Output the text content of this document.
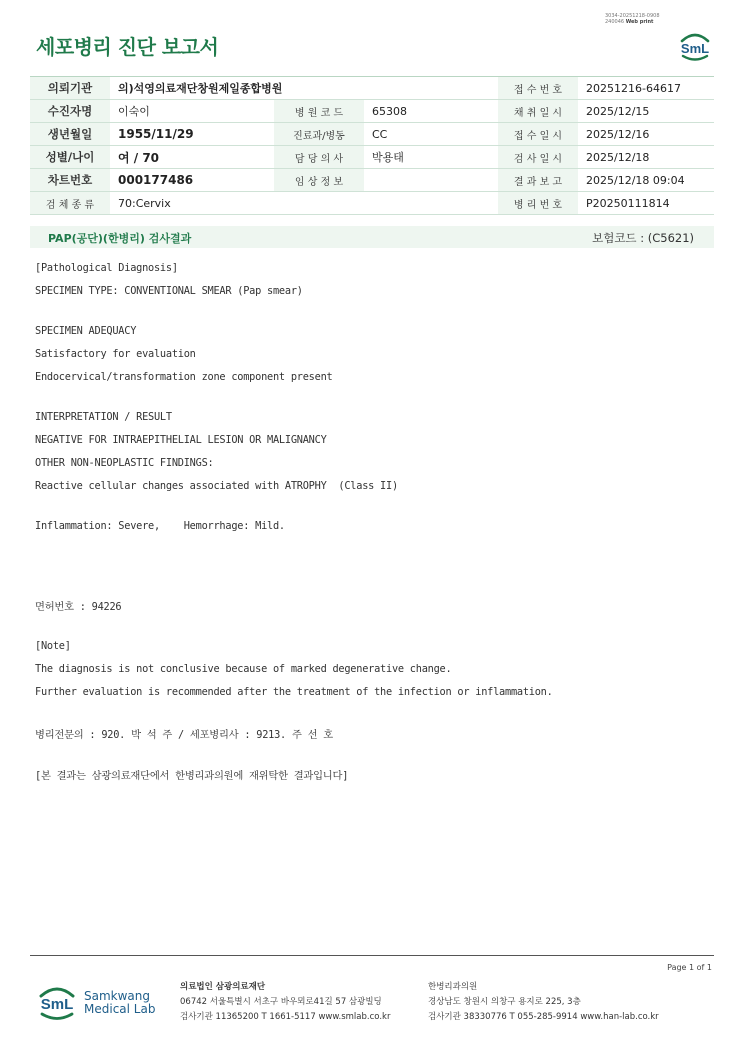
3034-20251218-0908
240046 Web print
세포병리 진단 보고서	SmL
의뢰기관	의)석영의료재단창원제일종합병원			접 수 번 호	20251216-64617
수진자명	이숙이	병 원 코 드	65308	채 취 일 시	2025/12/15
생년월일	1955/11/29	진료과/병동	CC	접 수 일 시	2025/12/16
성별/나이	여 / 70	담 당 의 사	박용태	검 사 일 시	2025/12/18
차트번호	000177486	임 상 정 보		결 과 보 고	2025/12/18 09:04
검 체 종 류	70:Cervix			병 리 번 호	P20250111814
PAP(공단)(한병리) 검사결과	보험코드 : (C5621)
[Pathological Diagnosis]
SPECIMEN TYPE: CONVENTIONAL SMEAR (Pap smear)
SPECIMEN ADEQUACY
Satisfactory for evaluation
Endocervical/transformation zone component present
INTERPRETATION / RESULT
NEGATIVE FOR INTRAEPITHELIAL LESION OR MALIGNANCY
OTHER NON-NEOPLASTIC FINDINGS:
Reactive cellular changes associated with ATROPHY  (Class II)
Inflammation: Severe,    Hemorrhage: Mild.
면허번호 : 94226
[Note]
The diagnosis is not conclusive because of marked degenerative change.
Further evaluation is recommended after the treatment of the infection or inflammation.
병리전문의 : 920. 박 석 주 / 세포병리사 : 9213. 주 선 호
[본 결과는 삼광의료재단에서 한병리과의원에 재위탁한 결과입니다]
Page 1 of 1
SmL Samkwang
Medical Lab
의료법인 삼광의료재단
06742 서울특별시 서초구 바우뫼로41길 57 삼광빌딩
검사기관 11365200 T 1661-5117 www.smlab.co.kr
한병리과의원
경상남도 창원시 의창구 용지로 225, 3층
검사기관 38330776 T 055-285-9914 www.han-lab.co.kr
